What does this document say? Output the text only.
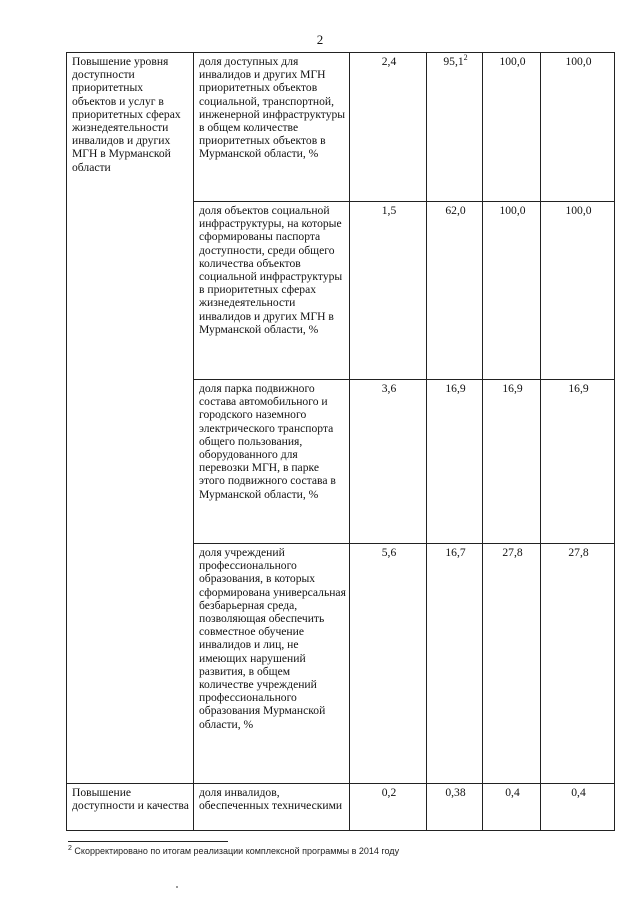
2
Повышение уровня доступности приоритетных объектов и услуг в приоритетных сферах жизнедеятельности инвалидов и других МГН в Мурманской области	доля доступных для инвалидов и других МГН приоритетных объектов социальной, транспортной, инженерной инфраструктуры в общем количестве приоритетных объектов в Мурманской области, %	2,4	95,1$^2$	100,0	100,0
	доля объектов социальной инфраструктуры, на которые сформированы паспорта доступности, среди общего количества объектов социальной инфраструктуры в приоритетных сферах жизнедеятельности инвалидов и других МГН в Мурманской области, %	1,5	62,0	100,0	100,0
	доля парка подвижного состава автомобильного и городского наземного электрического транспорта общего пользования, оборудованного для перевозки МГН, в парке этого подвижного состава в Мурманской области, %	3,6	16,9	16,9	16,9
	доля учреждений профессионального образования, в которых сформирована универсальная безбарьерная среда, позволяющая обеспечить совместное обучение инвалидов и лиц, не имеющих нарушений развития, в общем количестве учреждений профессионального образования Мурманской области, %	5,6	16,7	27,8	27,8
Повышение доступности и качества	доля инвалидов, обеспеченных техническими	0,2	0,38	0,4	0,4
$^2$ Скорректировано по итогам реализации комплексной программы в 2014 году
